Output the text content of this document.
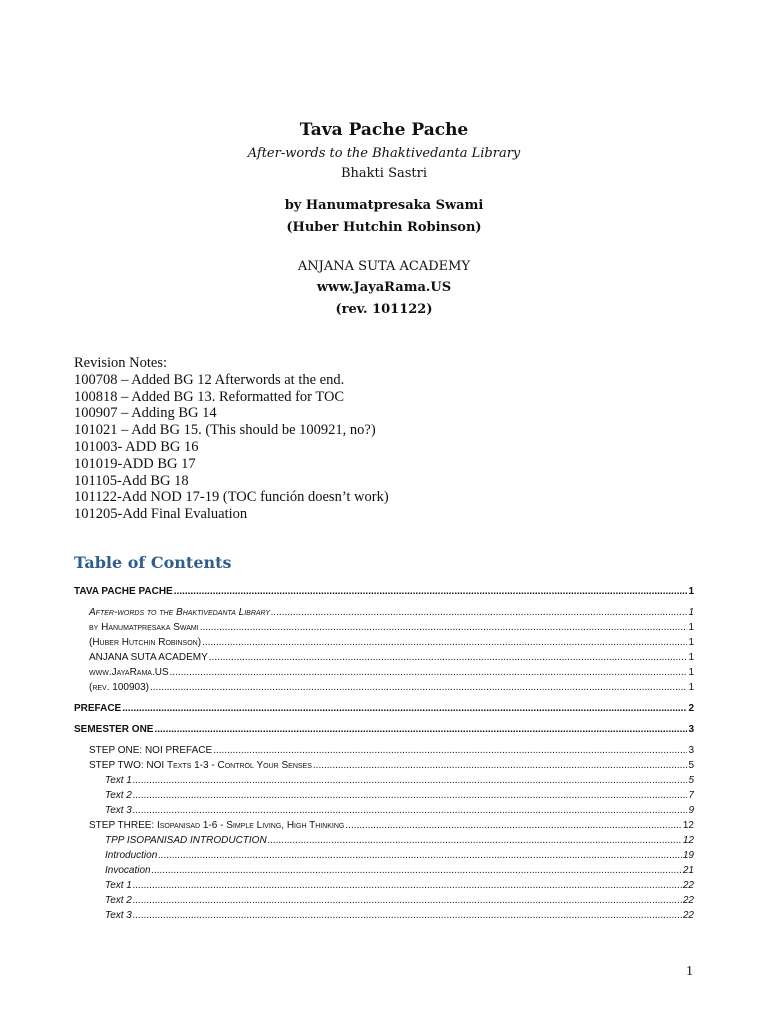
Tava Pache Pache
After-words to the Bhaktivedanta Library
Bhakti Sastri
by Hanumatpresaka Swami
(Huber Hutchin Robinson)
ANJANA SUTA ACADEMY
www.JayaRama.US
(rev. 101122)
Revision Notes:
100708 – Added BG 12 Afterwords at the end.
100818 – Added BG 13. Reformatted for TOC
100907 – Adding BG 14
101021 – Add BG 15. (This should be 100921, no?)
101003- ADD BG 16
101019-ADD BG 17
101105-Add BG 18
101122-Add NOD 17-19 (TOC función doesn’t work)
101205-Add Final Evaluation
Table of Contents
TAVA PACHE PACHE .....	1
After-words to the Bhaktivedanta Library .....	1
by Hanumatpresaka Swami .....	1
(Huber Hutchin Robinson) .....	1
ANJANA SUTA ACADEMY .....	1
www.JayaRama.US .....	1
(rev. 100903) .....	1
PREFACE .....	2
SEMESTER ONE .....	3
STEP ONE: NOI PREFACE .....	3
STEP TWO: NOI Texts 1-3 - Control Your Senses .....	5
Text 1 .....	5
Text 2 .....	7
Text 3 .....	9
STEP THREE: Isopanisad 1-6 - Simple Living, High Thinking .....	12
TPP ISOPANISAD INTRODUCTION .....	12
Introduction .....	19
Invocation .....	21
Text 1 .....	22
Text 2 .....	22
Text 3 .....	22
1
